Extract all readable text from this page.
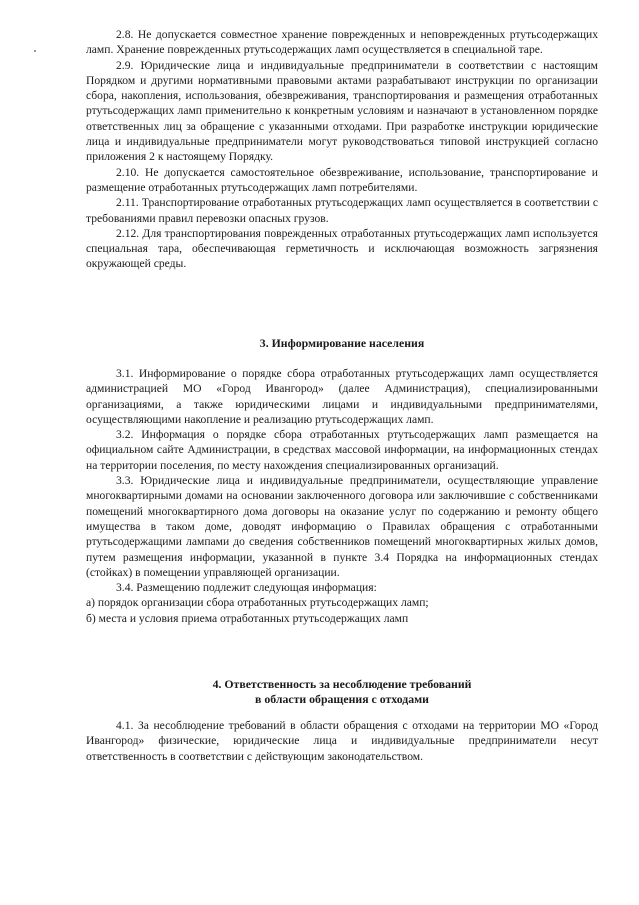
2.8. Не допускается совместное хранение поврежденных и неповрежденных ртутьсодержащих ламп. Хранение поврежденных ртутьсодержащих ламп осуществляется в специальной таре.

2.9. Юридические лица и индивидуальные предприниматели в соответствии с настоящим Порядком и другими нормативными правовыми актами разрабатывают инструкции по организации сбора, накопления, использования, обезвреживания, транспортирования и размещения отработанных ртутьсодержащих ламп применительно к конкретным условиям и назначают в установленном порядке ответственных лиц за обращение с указанными отходами. При разработке инструкции юридические лица и индивидуальные предприниматели могут руководствоваться типовой инструкцией согласно приложения 2 к настоящему Порядку.

2.10. Не допускается самостоятельное обезвреживание, использование, транспортирование и размещение отработанных ртутьсодержащих ламп потребителями.

2.11. Транспортирование отработанных ртутьсодержащих ламп осуществляется в соответствии с требованиями правил перевозки опасных грузов.

2.12. Для транспортирования поврежденных отработанных ртутьсодержащих ламп используется специальная тара, обеспечивающая герметичность и исключающая возможность загрязнения окружающей среды.

3. Информирование населения

3.1. Информирование о порядке сбора отработанных ртутьсодержащих ламп осуществляется администрацией МО «Город Ивангород» (далее Администрация), специализированными организациями, а также юридическими лицами и индивидуальными предпринимателями, осуществляющими накопление и реализацию ртутьсодержащих ламп.

3.2. Информация о порядке сбора отработанных ртутьсодержащих ламп размещается на официальном сайте Администрации, в средствах массовой информации, на информационных стендах на территории поселения, по месту нахождения специализированных организаций.

3.3. Юридические лица и индивидуальные предприниматели, осуществляющие управление многоквартирными домами на основании заключенного договора или заключившие с собственниками помещений многоквартирного дома договоры на оказание услуг по содержанию и ремонту общего имущества в таком доме, доводят информацию о Правилах обращения с отработанными ртутьсодержащими лампами до сведения собственников помещений многоквартирных жилых домов, путем размещения информации, указанной в пункте 3.4 Порядка на информационных стендах (стойках) в помещении управляющей организации.

3.4. Размещению подлежит следующая информация:

а) порядок организации сбора отработанных ртутьсодержащих ламп;

б) места и условия приема отработанных ртутьсодержащих ламп

4. Ответственность за несоблюдение требований
в области обращения с отходами

4.1. За несоблюдение требований в области обращения с отходами на территории МО «Город Ивангород» физические, юридические лица и индивидуальные предприниматели несут ответственность в соответствии с действующим законодательством.
